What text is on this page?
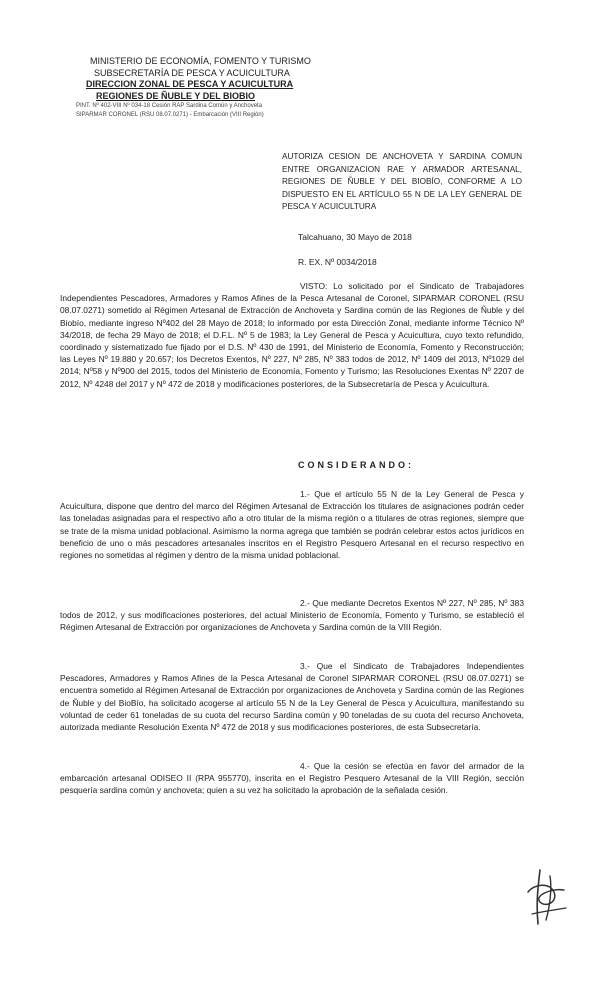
MINISTERIO DE ECONOMÍA, FOMENTO Y TURISMO
SUBSECRETARÍA DE PESCA Y ACUICULTURA
DIRECCION ZONAL DE PESCA Y ACUICULTURA
REGIONES DE ÑUBLE Y DEL BIOBIO
PINT. Nº 402-VIII Nº 034-18 Cesión RAP Sardina Común y Anchoveta
SIPARMAR CORONEL (RSU 08.07.0271) - Embarcación (VIII Región)
AUTORIZA CESION DE ANCHOVETA Y SARDINA COMUN ENTRE ORGANIZACION RAE Y ARMADOR ARTESANAL, REGIONES DE ÑUBLE Y DEL BIOBÍO, CONFORME A LO DISPUESTO EN EL ARTÍCULO 55 N DE LA LEY GENERAL DE PESCA Y ACUICULTURA
Talcahuano, 30 Mayo de 2018
R. EX. Nº 0034/2018
VISTO: Lo solicitado por el Sindicato de Trabajadores Independientes Pescadores, Armadores y Ramos Afines de la Pesca Artesanal de Coronel, SIPARMAR CORONEL (RSU 08.07.0271) sometido al Régimen Artesanal de Extracción de Anchoveta y Sardina común de las Regiones de Ñuble y del Biobío, mediante ingreso Nº402 del 28 Mayo de 2018; lo informado por esta Dirección Zonal, mediante informe Técnico Nº 34/2018, de fecha 29 Mayo de 2018; el D.F.L. Nº 5 de 1983; la Ley General de Pesca y Acuicultura, cuyo texto refundido, coordinado y sistematizado fue fijado por el D.S. Nº 430 de 1991, del Ministerio de Economía, Fomento y Reconstrucción; las Leyes Nº 19.880 y 20.657; los Decretos Exentos, Nº 227, Nº 285, Nº 383 todos de 2012, Nº 1409 del 2013, Nº1029 del 2014; Nº58 y Nº900 del 2015, todos del Ministerio de Economía, Fomento y Turismo; las Resoluciones Exentas Nº 2207 de 2012, Nº 4248 del 2017 y Nº 472 de 2018 y modificaciones posteriores, de la Subsecretaría de Pesca y Acuicultura.
CONSIDERANDO:
1.- Que el artículo 55 N de la Ley General de Pesca y Acuicultura, dispone que dentro del marco del Régimen Artesanal de Extracción los titulares de asignaciones podrán ceder las toneladas asignadas para el respectivo año a otro titular de la misma región o a titulares de otras regiones, siempre que se trate de la misma unidad poblacional. Asimismo la norma agrega que también se podrán celebrar estos actos jurídicos en beneficio de uno o más pescadores artesanales inscritos en el Registro Pesquero Artesanal en el recurso respectivo en regiones no sometidas al régimen y dentro de la misma unidad poblacional.
2.- Que mediante Decretos Exentos Nº 227, Nº 285, Nº 383 todos de 2012, y sus modificaciones posteriores, del actual Ministerio de Economía, Fomento y Turismo, se estableció el Régimen Artesanal de Extracción por organizaciones de Anchoveta y Sardina común de la VIII Región.
3.- Que el Sindicato de Trabajadores Independientes Pescadores, Armadores y Ramos Afines de la Pesca Artesanal de Coronel SIPARMAR CORONEL (RSU 08.07.0271) se encuentra sometido al Régimen Artesanal de Extracción por organizaciones de Anchoveta y Sardina común de las Regiones de Ñuble y del BioBío, ha solicitado acogerse al artículo 55 N de la Ley General de Pesca y Acuicultura, manifestando su voluntad de ceder 61 toneladas de su cuota del recurso Sardina común y 90 toneladas de su cuota del recurso Anchoveta, autorizada mediante Resolución Exenta Nº 472 de 2018 y sus modificaciones posteriores, de esta Subsecretaría.
4.- Que la cesión se efectúa en favor del armador de la embarcación artesanal ODISEO II (RPA 955770), inscrita en el Registro Pesquero Artesanal de la VIII Región, sección pesquería sardina común y anchoveta; quien a su vez ha solicitado la aprobación de la señalada cesión.
